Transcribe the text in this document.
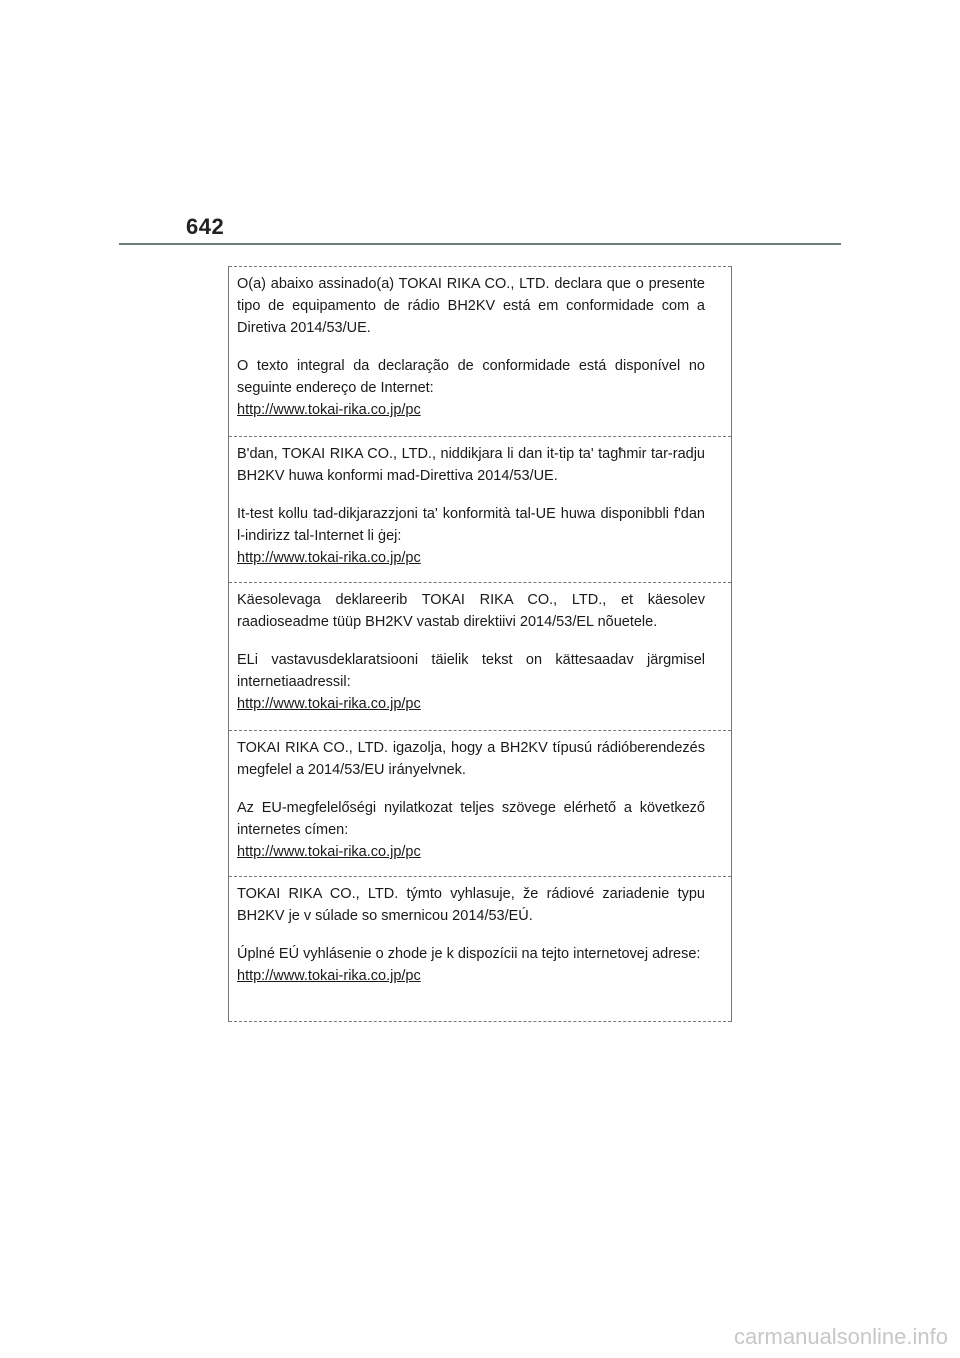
642

O(a) abaixo assinado(a) TOKAI RIKA CO., LTD. declara que o presente tipo de equipamento de rádio BH2KV está em conformidade com a Diretiva 2014/53/UE.

O texto integral da declaração de conformidade está disponível no seguinte endereço de Internet:

http://www.tokai-rika.co.jp/pc

B'dan, TOKAI RIKA CO., LTD., niddikjara li dan it-tip ta' tagħmir tar-radju BH2KV huwa konformi mad-Direttiva 2014/53/UE.

It-test kollu tad-dikjarazzjoni ta' konformità tal-UE huwa disponibbli f'dan l-indirizz tal-Internet li ġej:

http://www.tokai-rika.co.jp/pc

Käesolevaga deklareerib TOKAI RIKA CO., LTD., et käesolev raadioseadme tüüp BH2KV vastab direktiivi 2014/53/EL nõuetele.

ELi vastavusdeklaratsiooni täielik tekst on kättesaadav järgmisel internetiaadressil:

http://www.tokai-rika.co.jp/pc

TOKAI RIKA CO., LTD. igazolja, hogy a BH2KV típusú rádióberendezés megfelel a 2014/53/EU irányelvnek.

Az EU-megfelelőségi nyilatkozat teljes szövege elérhető a következő internetes címen:

http://www.tokai-rika.co.jp/pc

TOKAI RIKA CO., LTD. týmto vyhlasuje, že rádiové zariadenie typu BH2KV je v súlade so smernicou 2014/53/EÚ.

Úplné EÚ vyhlásenie o zhode je k dispozícii na tejto internetovej adrese:

http://www.tokai-rika.co.jp/pc
carmanualsonline.info
